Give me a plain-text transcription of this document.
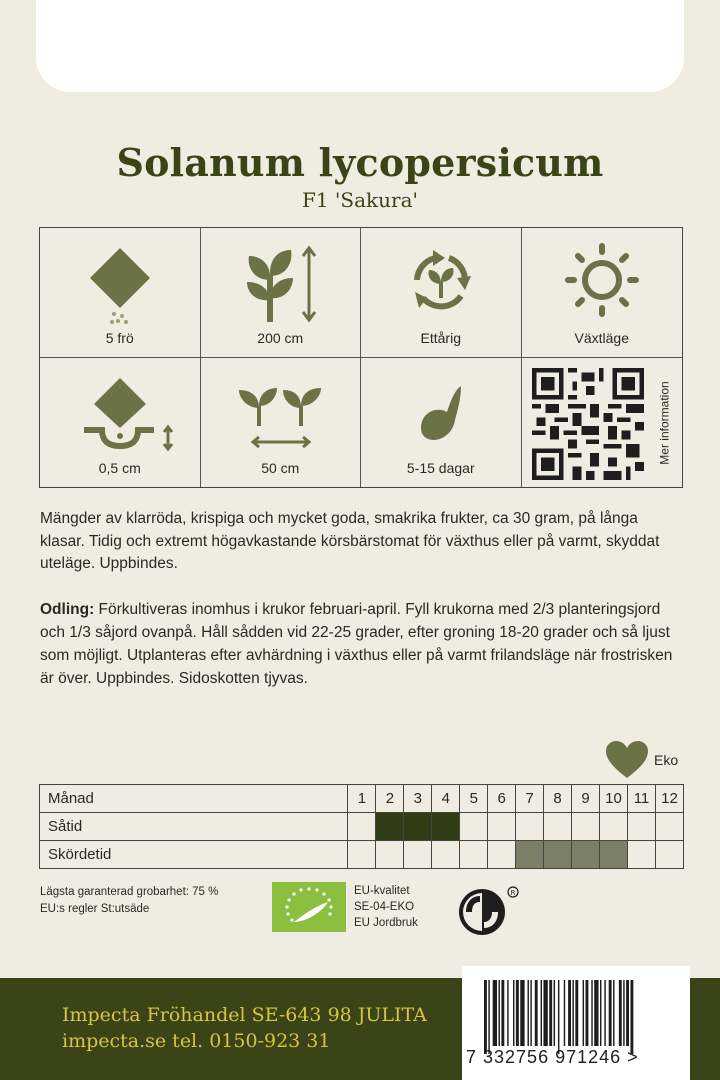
Solanum lycopersicum
F1 'Sakura'
5 frö	200 cm	Ettårig	Växtläge
0,5 cm	50 cm	5-15 dagar
Mer information
Mängder av klarröda, krispiga och mycket goda, smakrika frukter, ca 30 gram, på långa klasar. Tidig och extremt högavkastande körsbärstomat för växthus eller på varmt, skyddat uteläge. Uppbindes.
Odling: Förkultiveras inomhus i krukor februari-april. Fyll krukorna med 2/3 planteringsjord och 1/3 såjord ovanpå. Håll sådden vid 22-25 grader, efter groning 18-20 grader och så ljust som möjligt. Utplanteras efter avhärdning i växthus eller på varmt frilandsläge när frostrisken är över. Uppbindes. Sidoskotten tjyvas.
Eko
Månad	1	2	3	4	5	6	7	8	9	10	11	12
Såtid												
Skördetid												
Lägsta garanterad grobarhet: 75 %
EU:s regler St:utsäde
EU-kvalitet
SE-04-EKO
EU Jordbruk
R
Impecta Fröhandel SE-643 98 JULITA
impecta.se tel. 0150-923 31
7 332756 971246 >
